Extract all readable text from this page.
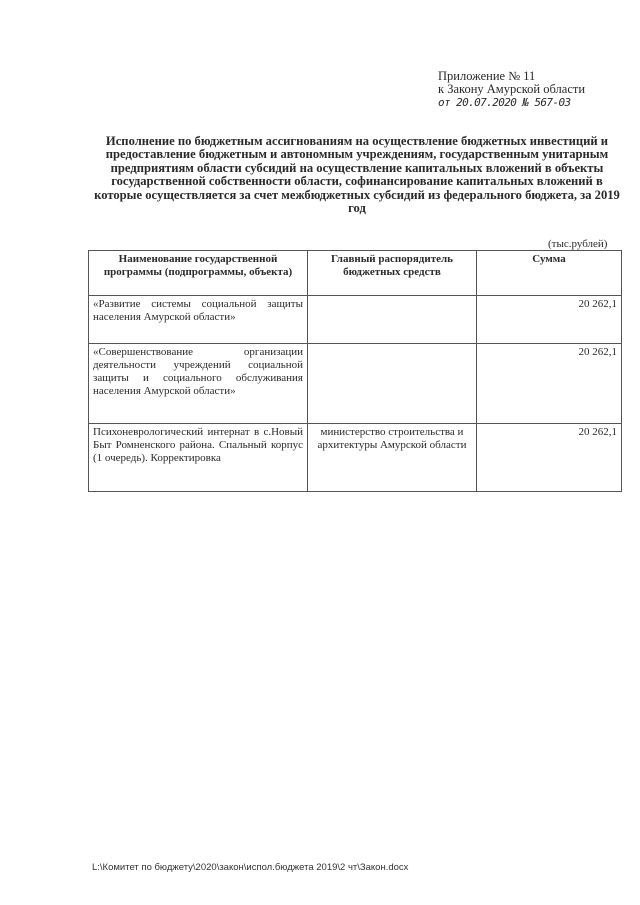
Приложение № 11
к Закону Амурской области
от 20.07.2020 № 567-03
Исполнение по бюджетным ассигнованиям на осуществление бюджетных инвестиций и предоставление бюджетным и автономным учреждениям, государственным унитарным предприятиям области субсидий на осуществление капитальных вложений в объекты государственной собственности области, софинансирование капитальных вложений в которые осуществляется за счет межбюджетных субсидий из федерального бюджета, за 2019 год
(тыс.рублей)
Наименование государственной программы (подпрограммы, объекта)	Главный распорядитель бюджетных средств	Сумма
«Развитие системы социальной защиты населения Амурской области»		20 262,1
«Совершенствование организации деятельности учреждений социальной защиты и социального обслуживания населения Амурской области»		20 262,1
Психоневрологический интернат в с.Новый Быт Ромненского района. Спальный корпус (1 очередь). Корректировка	министерство строительства и архитектуры Амурской области	20 262,1
L:\Комитет по бюджету\2020\закон\испол.бюджета 2019\2 чт\Закон.docx
